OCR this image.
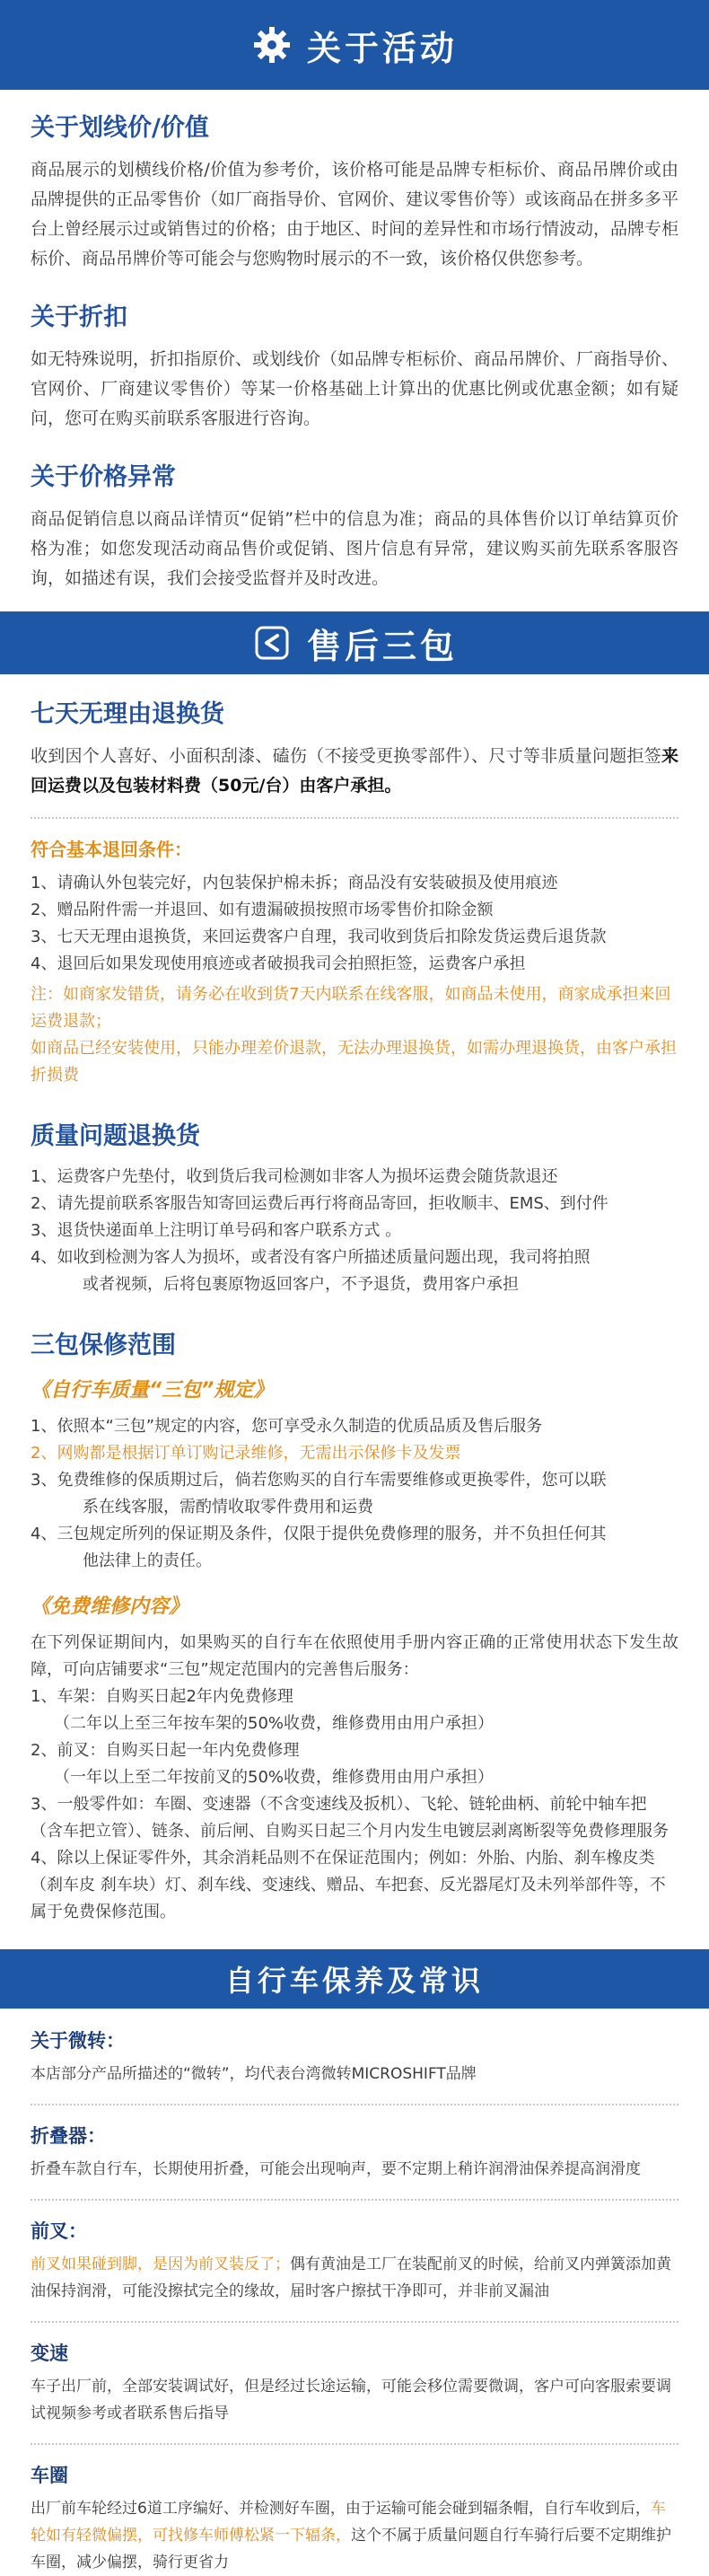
关于活动
关于划线价/价值
商品展示的划横线价格/价值为参考价，该价格可能是品牌专柜标价、商品吊牌价或由品牌提供的正品零售价（如厂商指导价、官网价、建议零售价等）或该商品在拼多多平台上曾经展示过或销售过的价格；由于地区、时间的差异性和市场行情波动，品牌专柜标价、商品吊牌价等可能会与您购物时展示的不一致，该价格仅供您参考。
关于折扣
如无特殊说明，折扣指原价、或划线价（如品牌专柜标价、商品吊牌价、厂商指导价、官网价、厂商建议零售价）等某一价格基础上计算出的优惠比例或优惠金额；如有疑问，您可在购买前联系客服进行咨询。
关于价格异常
商品促销信息以商品详情页“促销”栏中的信息为准；商品的具体售价以订单结算页价格为准；如您发现活动商品售价或促销、图片信息有异常，建议购买前先联系客服咨询，如描述有误，我们会接受监督并及时改进。
售后三包
七天无理由退换货
收到因个人喜好、小面积刮漆、磕伤（不接受更换零部件）、尺寸等非质量问题拒签来回运费以及包装材料费（50元/台）由客户承担。
符合基本退回条件：
1、请确认外包装完好，内包装保护棉未拆；商品没有安装破损及使用痕迹
2、赠品附件需一并退回、如有遗漏破损按照市场零售价扣除金额
3、七天无理由退换货，来回运费客户自理，我司收到货后扣除发货运费后退货款
4、退回后如果发现使用痕迹或者破损我司会拍照拒签，运费客户承担
注：如商家发错货，请务必在收到货7天内联系在线客服，如商品未使用，商家成承担来回运费退款；
如商品已经安装使用，只能办理差价退款，无法办理退换货，如需办理退换货，由客户承担折损费
质量问题退换货
1、运费客户先垫付，收到货后我司检测如非客人为损坏运费会随货款退还
2、请先提前联系客服告知寄回运费后再行将商品寄回，拒收顺丰、EMS、到付件
3、退货快递面单上注明订单号码和客户联系方式 。
4、如收到检测为客人为损坏，或者没有客户所描述质量问题出现，我司将拍照
或者视频，后将包裹原物返回客户，不予退货，费用客户承担
三包保修范围
《自行车质量“三包”规定》
1、依照本“三包”规定的内容，您可享受永久制造的优质品质及售后服务
2、网购都是根据订单订购记录维修，无需出示保修卡及发票
3、免费维修的保质期过后，倘若您购买的自行车需要维修或更换零件，您可以联
系在线客服，需酌情收取零件费用和运费
4、三包规定所列的保证期及条件，仅限于提供免费修理的服务，并不负担任何其
他法律上的责任。
《免费维修内容》
在下列保证期间内，如果购买的自行车在依照使用手册内容正确的正常使用状态下发生故障，可向店铺要求“三包”规定范围内的完善售后服务：
1、车架：自购买日起2年内免费修理
（二年以上至三年按车架的50%收费，维修费用由用户承担）
2、前叉：自购买日起一年内免费修理
（一年以上至二年按前叉的50%收费，维修费用由用户承担）
3、一般零件如：车圈、变速器（不含变速线及扳机）、飞轮、链轮曲柄、前轮中轴车把（含车把立管）、链条、前后闸、自购买日起三个月内发生电镀层剥离断裂等免费修理服务
4、除以上保证零件外，其余消耗品则不在保证范围内；例如：外胎、内胎、刹车橡皮类（刹车皮 刹车块）灯、刹车线、变速线、赠品、车把套、反光器尾灯及未列举部件等，不属于免费保修范围。
自行车保养及常识
关于微转：
本店部分产品所描述的“微转”，均代表台湾微转MICROSHIFT品牌
折叠器：
折叠车款自行车，长期使用折叠，可能会出现响声，要不定期上稍许润滑油保养提高润滑度
前叉：
前叉如果碰到脚，是因为前叉装反了；偶有黄油是工厂在装配前叉的时候，给前叉内弹簧添加黄油保持润滑，可能没擦拭完全的缘故，届时客户擦拭干净即可，并非前叉漏油
变速
车子出厂前，全部安装调试好，但是经过长途运输，可能会移位需要微调，客户可向客服索要调试视频参考或者联系售后指导
车圈
出厂前车轮经过6道工序编好、并检测好车圈，由于运输可能会碰到辐条帽，自行车收到后，车轮如有轻微偏摆，可找修车师傅松紧一下辐条，这个不属于质量问题自行车骑行后要不定期维护车圈，减少偏摆，骑行更省力
